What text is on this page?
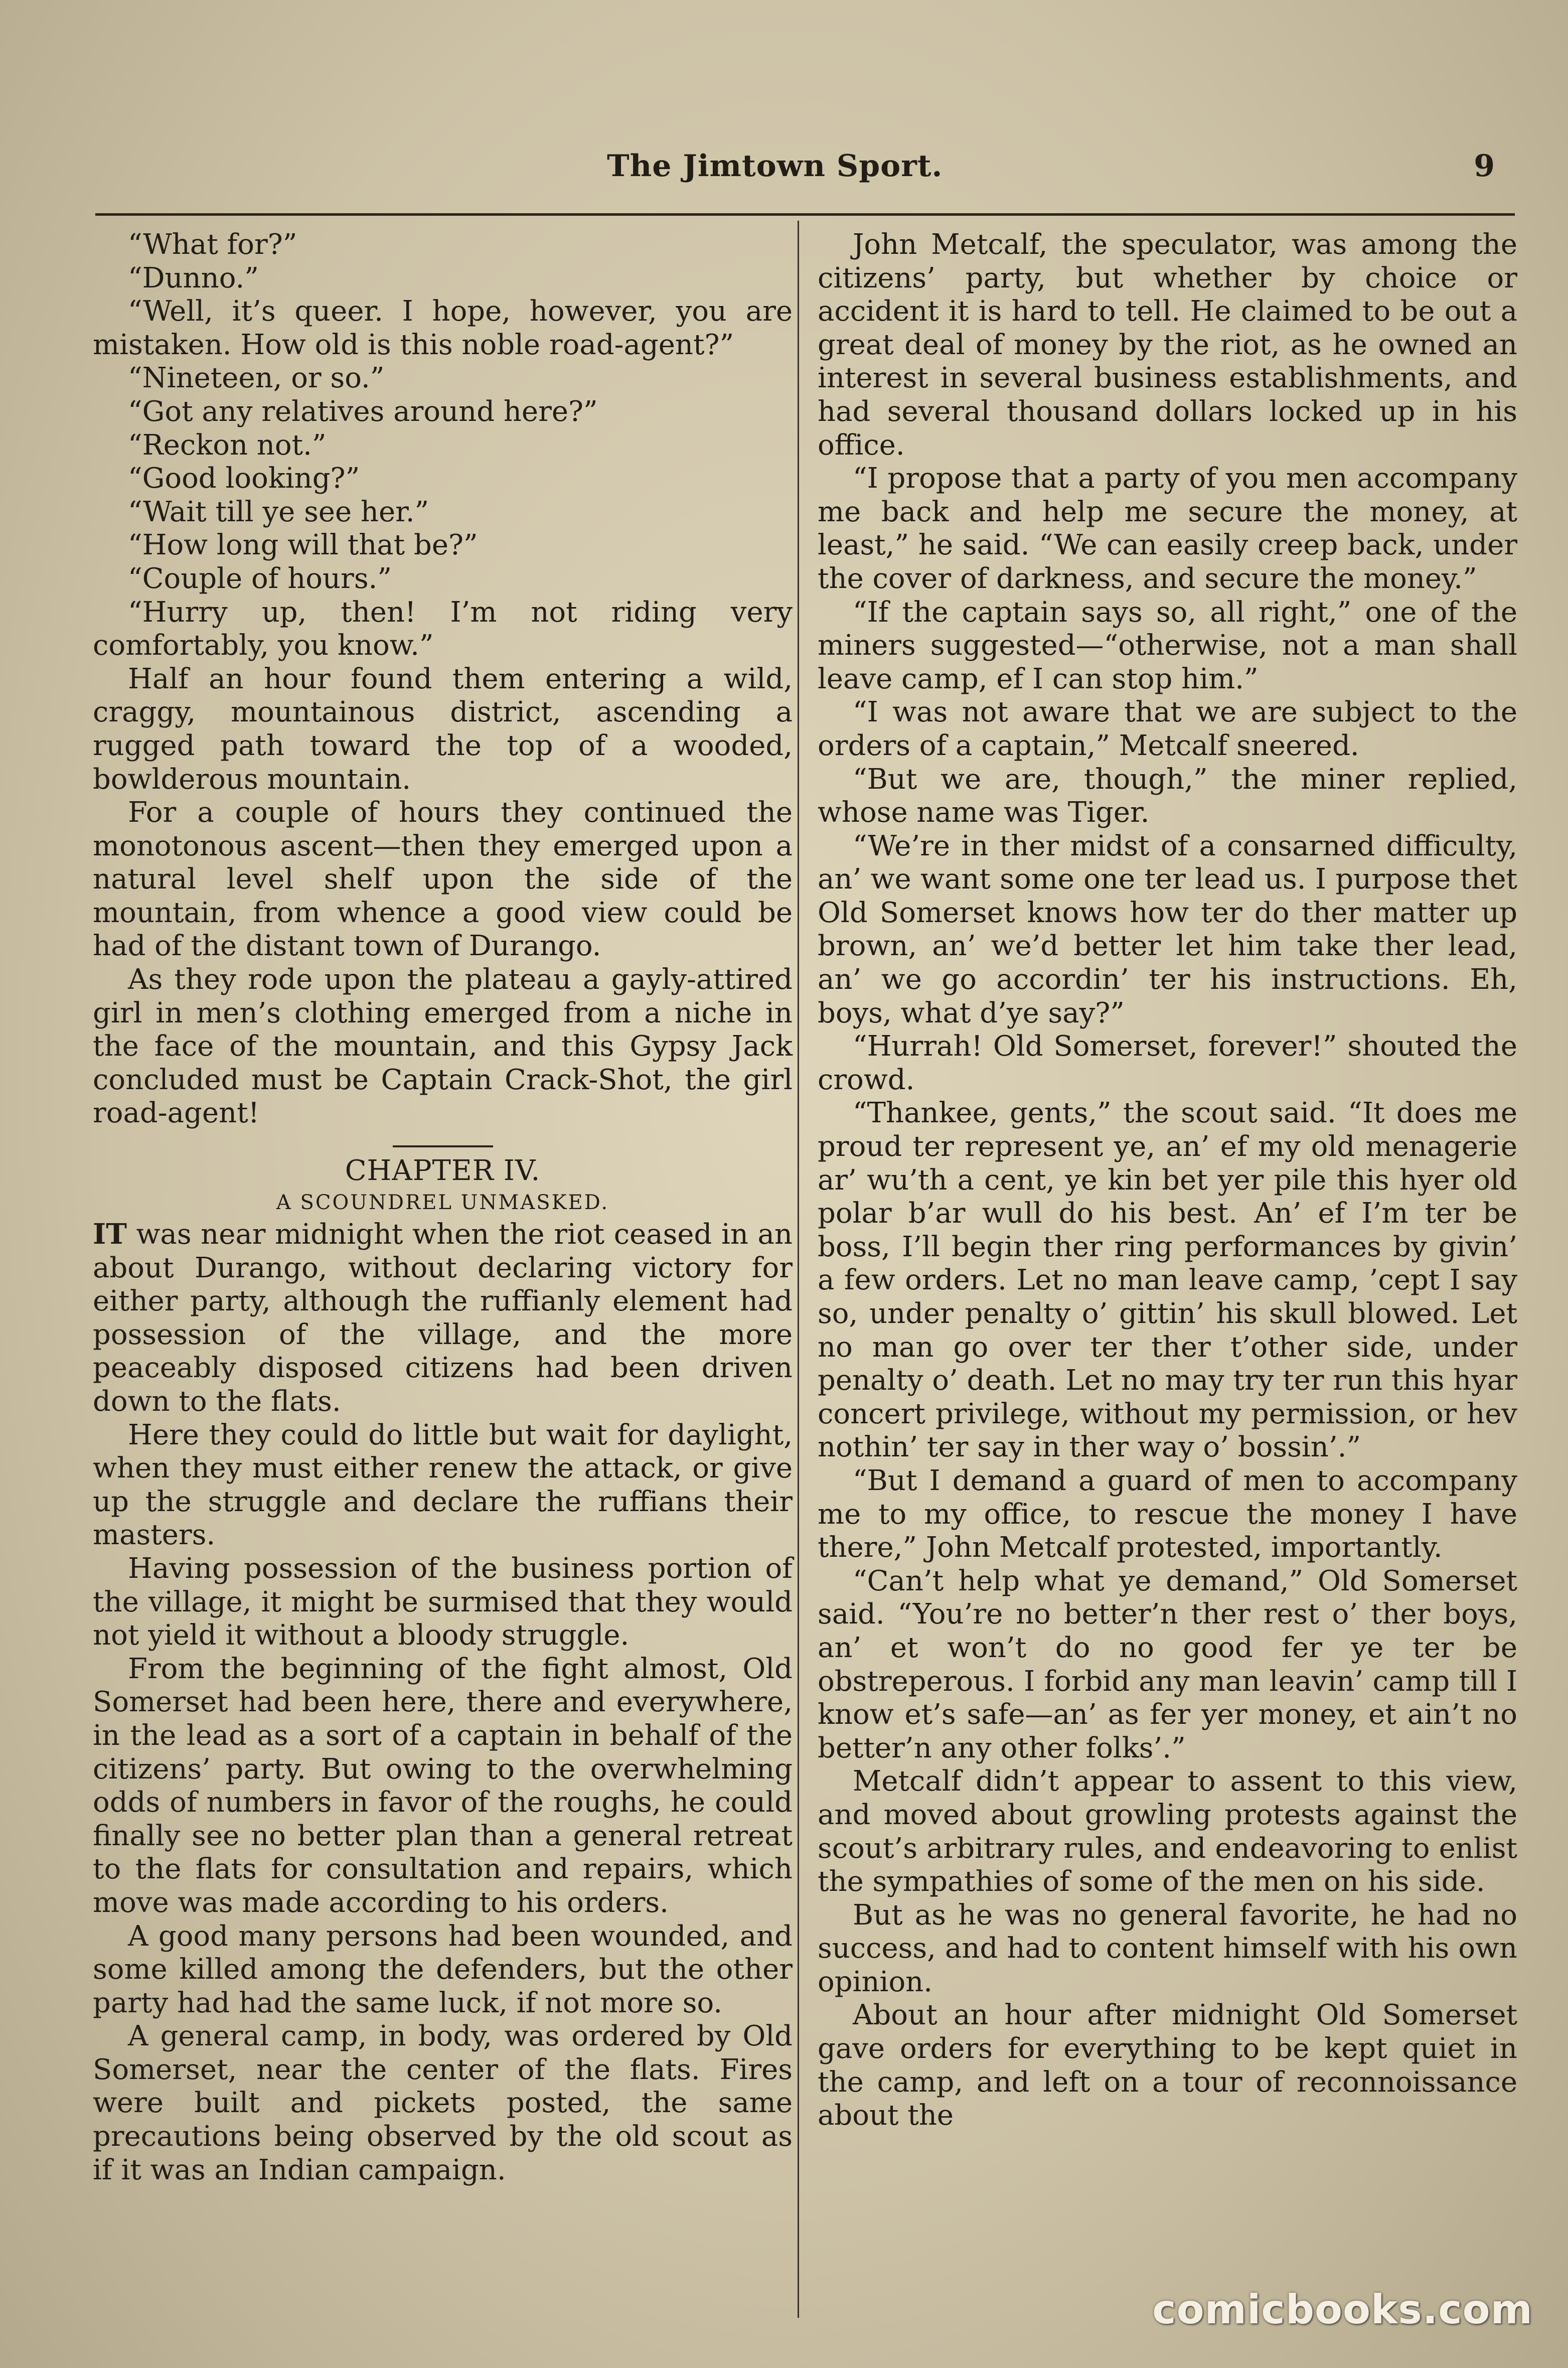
The Jimtown Sport.	9

“What for?”

“Dunno.”

“Well, it’s queer. I hope, however, you are mistaken. How old is this noble road-agent?”

“Nineteen, or so.”

“Got any relatives around here?”

“Reckon not.”

“Good looking?”

“Wait till ye see her.”

“How long will that be?”

“Couple of hours.”

“Hurry up, then! I’m not riding very comfortably, you know.”

Half an hour found them entering a wild, craggy, mountainous district, ascending a rugged path toward the top of a wooded, bowlderous mountain.

For a couple of hours they continued the monotonous ascent—then they emerged upon a natural level shelf upon the side of the mountain, from whence a good view could be had of the distant town of Durango.

As they rode upon the plateau a gayly-attired girl in men’s clothing emerged from a niche in the face of the mountain, and this Gypsy Jack concluded must be Captain Crack-Shot, the girl road-agent!

CHAPTER IV.
A SCOUNDREL UNMASKED.

IT was near midnight when the riot ceased in an about Durango, without declaring victory for either party, although the ruffianly element had possession of the village, and the more peaceably disposed citizens had been driven down to the flats.

Here they could do little but wait for daylight, when they must either renew the attack, or give up the struggle and declare the ruffians their masters.

Having possession of the business portion of the village, it might be surmised that they would not yield it without a bloody struggle.

From the beginning of the fight almost, Old Somerset had been here, there and everywhere, in the lead as a sort of a captain in behalf of the citizens’ party. But owing to the overwhelming odds of numbers in favor of the roughs, he could finally see no better plan than a general retreat to the flats for consultation and repairs, which move was made according to his orders.

A good many persons had been wounded, and some killed among the defenders, but the other party had had the same luck, if not more so.

A general camp, in body, was ordered by Old Somerset, near the center of the flats. Fires were built and pickets posted, the same precautions being observed by the old scout as if it was an Indian campaign.

John Metcalf, the speculator, was among the citizens’ party, but whether by choice or accident it is hard to tell. He claimed to be out a great deal of money by the riot, as he owned an interest in several business establishments, and had several thousand dollars locked up in his office.

“I propose that a party of you men accompany me back and help me secure the money, at least,” he said. “We can easily creep back, under the cover of darkness, and secure the money.”

“If the captain says so, all right,” one of the miners suggested—“otherwise, not a man shall leave camp, ef I can stop him.”

“I was not aware that we are subject to the orders of a captain,” Metcalf sneered.

“But we are, though,” the miner replied, whose name was Tiger.

“We’re in ther midst of a consarned difficulty, an’ we want some one ter lead us. I purpose thet Old Somerset knows how ter do ther matter up brown, an’ we’d better let him take ther lead, an’ we go accordin’ ter his instructions. Eh, boys, what d’ye say?”

“Hurrah! Old Somerset, forever!” shouted the crowd.

“Thankee, gents,” the scout said. “It does me proud ter represent ye, an’ ef my old menagerie ar’ wu’th a cent, ye kin bet yer pile this hyer old polar b’ar wull do his best. An’ ef I’m ter be boss, I’ll begin ther ring performances by givin’ a few orders. Let no man leave camp, ’cept I say so, under penalty o’ gittin’ his skull blowed. Let no man go over ter ther t’other side, under penalty o’ death. Let no may try ter run this hyar concert privilege, without my permission, or hev nothin’ ter say in ther way o’ bossin’.”

“But I demand a guard of men to accompany me to my office, to rescue the money I have there,” John Metcalf protested, importantly.

“Can’t help what ye demand,” Old Somerset said. “You’re no better’n ther rest o’ ther boys, an’ et won’t do no good fer ye ter be obstreperous. I forbid any man leavin’ camp till I know et’s safe—an’ as fer yer money, et ain’t no better’n any other folks’.”

Metcalf didn’t appear to assent to this view, and moved about growling protests against the scout’s arbitrary rules, and endeavoring to enlist the sympathies of some of the men on his side.

But as he was no general favorite, he had no success, and had to content himself with his own opinion.

About an hour after midnight Old Somerset gave orders for everything to be kept quiet in the camp, and left on a tour of reconnoissance about the

comicbooks.com
